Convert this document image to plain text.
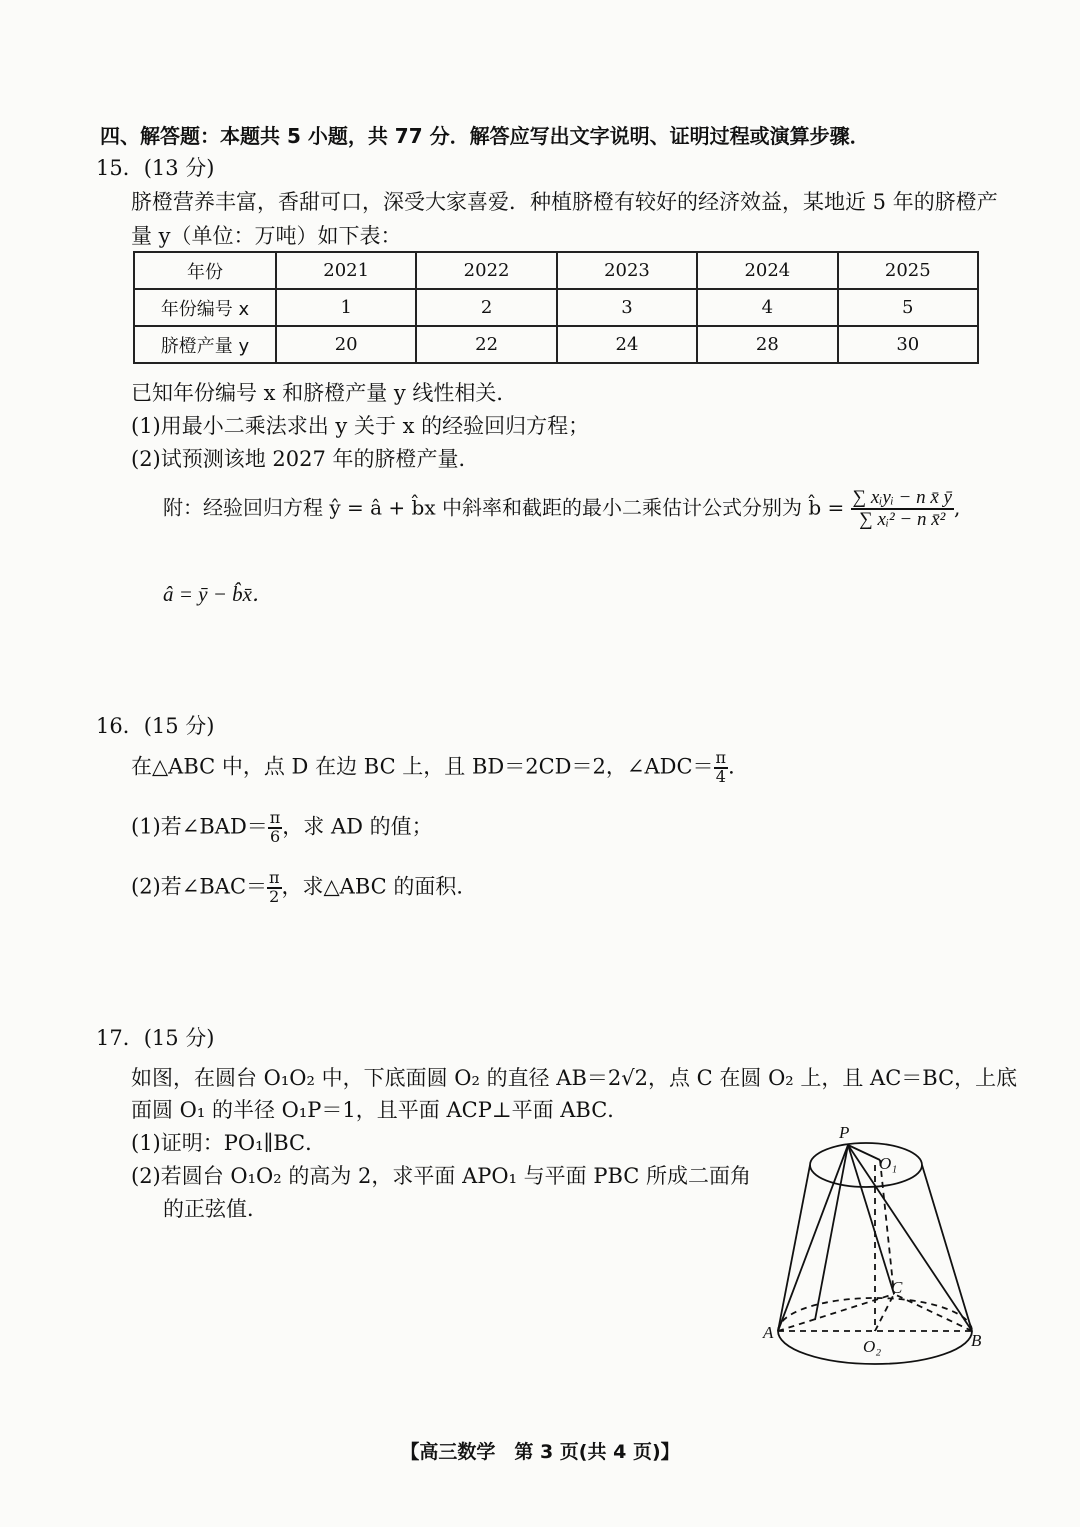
四、解答题：本题共 5 小题，共 77 分．解答应写出文字说明、证明过程或演算步骤．
15．(13 分)
脐橙营养丰富，香甜可口，深受大家喜爱．种植脐橙有较好的经济效益，某地近 5 年的脐橙产
量 y（单位：万吨）如下表：
年份	2021	2022	2023	2024	2025
年份编号 x	1	2	3	4	5
脐橙产量 y	20	22	24	28	30
已知年份编号 x 和脐橙产量 y 线性相关．
(1)用最小二乘法求出 y 关于 x 的经验回归方程；
(2)试预测该地 2027 年的脐橙产量．
附：经验回归方程 ŷ = â + b̂x 中斜率和截距的最小二乘估计公式分别为 b̂ = $\frac{\text{∑ xᵢyᵢ − n x̄ ȳ}}{\text{∑ xᵢ² − n x̄²}}$ ,
â = ȳ − b̂x̄．
16．(15 分)
在△ABC 中，点 D 在边 BC 上，且 BD＝2CD＝2，∠ADC＝ $\frac{\pi}{4}$ ．
(1)若∠BAD＝ $\frac{\pi}{6}$ ，求 AD 的值；
(2)若∠BAC＝ $\frac{\pi}{2}$ ，求△ABC 的面积．
17．(15 分)
如图，在圆台 O₁O₂ 中，下底面圆 O₂ 的直径 AB＝2√2，点 C 在圆 O₂ 上，且 AC＝BC，上底
面圆 O₁ 的半径 O₁P＝1，且平面 ACP⊥平面 ABC．
(1)证明：PO₁∥BC．
(2)若圆台 O₁O₂ 的高为 2，求平面 APO₁ 与平面 PBC 所成二面角
的正弦值．
P
O₁
C
A
O₂	B
【高三数学　第 3 页(共 4 页)】
